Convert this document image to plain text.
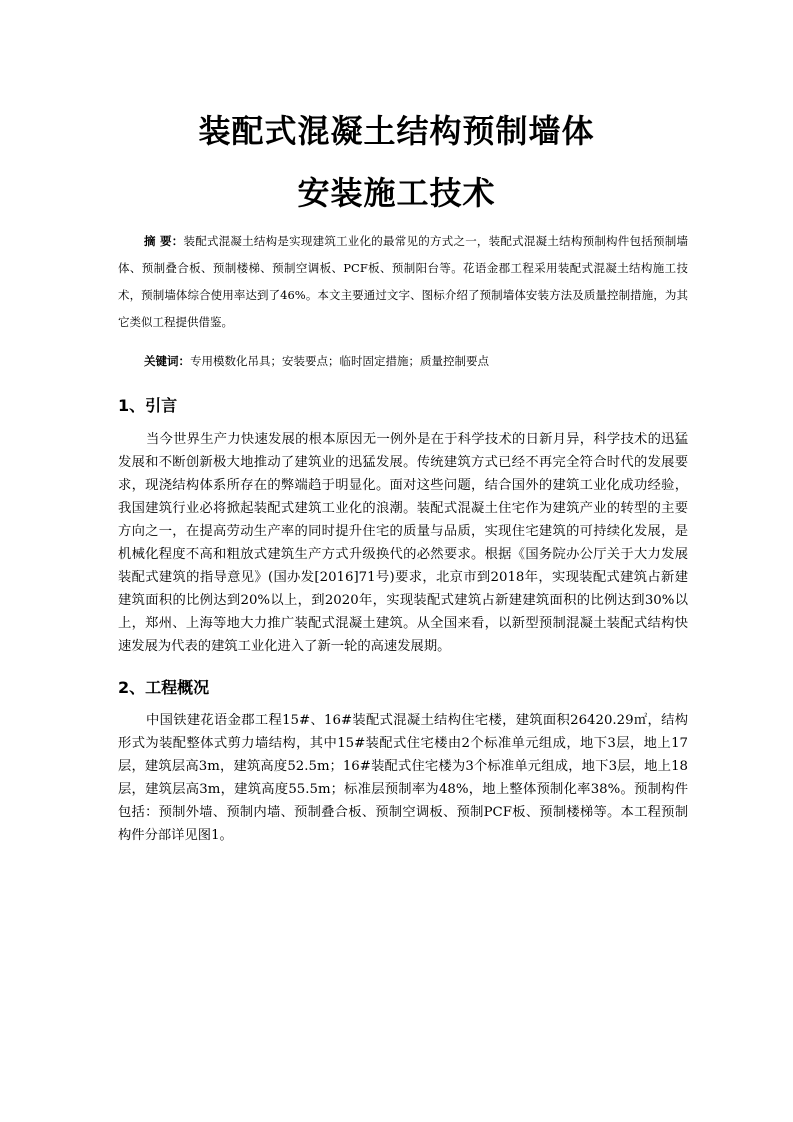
装配式混凝土结构预制墙体
安装施工技术
摘 要：装配式混凝土结构是实现建筑工业化的最常见的方式之一，装配式混凝土结构预制构件包括预制墙体、预制叠合板、预制楼梯、预制空调板、PCF板、预制阳台等。花语金郡工程采用装配式混凝土结构施工技术，预制墙体综合使用率达到了46%。本文主要通过文字、图标介绍了预制墙体安装方法及质量控制措施，为其它类似工程提供借鉴。
关键词：专用模数化吊具；安装要点；临时固定措施；质量控制要点
1、引言
当今世界生产力快速发展的根本原因无一例外是在于科学技术的日新月异，科学技术的迅猛发展和不断创新极大地推动了建筑业的迅猛发展。传统建筑方式已经不再完全符合时代的发展要求，现浇结构体系所存在的弊端趋于明显化。面对这些问题，结合国外的建筑工业化成功经验，我国建筑行业必将掀起装配式建筑工业化的浪潮。装配式混凝土住宅作为建筑产业的转型的主要方向之一，在提高劳动生产率的同时提升住宅的质量与品质，实现住宅建筑的可持续化发展，是机械化程度不高和粗放式建筑生产方式升级换代的必然要求。根据《国务院办公厅关于大力发展装配式建筑的指导意见》(国办发[2016]71号)要求，北京市到2018年，实现装配式建筑占新建建筑面积的比例达到20%以上，到2020年，实现装配式建筑占新建建筑面积的比例达到30%以上，郑州、上海等地大力推广装配式混凝土建筑。从全国来看，以新型预制混凝土装配式结构快速发展为代表的建筑工业化进入了新一轮的高速发展期。
2、工程概况
中国铁建花语金郡工程15#、16#装配式混凝土结构住宅楼，建筑面积26420.29㎡，结构形式为装配整体式剪力墙结构，其中15#装配式住宅楼由2个标准单元组成，地下3层，地上17层，建筑层高3m，建筑高度52.5m；16#装配式住宅楼为3个标准单元组成，地下3层，地上18层，建筑层高3m，建筑高度55.5m；标准层预制率为48%，地上整体预制化率38%。预制构件包括：预制外墙、预制内墙、预制叠合板、预制空调板、预制PCF板、预制楼梯等。本工程预制构件分部详见图1。
